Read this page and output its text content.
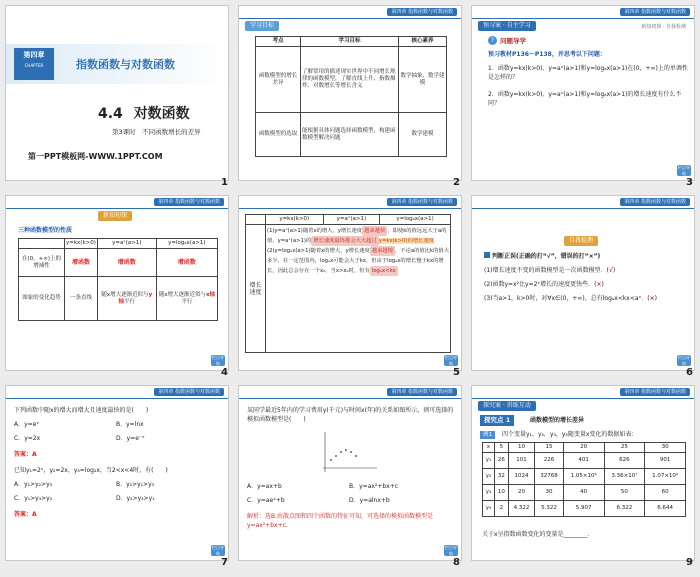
第四章
CHAPTER	指数函数与对数函数
4.4 对数函数
第3课时　不同函数增长的差异
第一PPT模板网-WWW.1PPT.COM
1
第四章 指数函数与对数函数
学习目标
考点	学习目标	核心素养
函数模型的增长差异	了解常用的描述现实世界中不同增长规律的函数模型，了解直线上升、指数爆炸、对数增长等增长含义	数学抽象、数学建模
函数模型的选取	能根据具体问题选择函数模型，构建函数模型解决问题	数学建模
2
第四章 指数函数与对数函数
预习案 · 自主学习	新知初探 · 自我检测
? 问题导学
预习教材P136～P138，并思考以下问题：
1．函数y=kx(k>0)、y=aˣ(a>1)和y=logₐx(a>1)在(0，+∞)上的单调性是怎样的？
2．函数y=kx(k>0)、y=aˣ(a>1)和y=logₐx(a>1)的增长速度有什么不同？
栏目导航
3
第四章 指数函数与对数函数
新知初探
三种函数模型的性质
	y=kx(k>0)	y=aˣ(a>1)	y=logₐx(a>1)
在(0，+∞)上的增减性	增函数	增函数	增函数
图象的变化趋势	一条直线	随x增大逐渐近似与y轴平行	随x增大逐渐近似与x轴平行
栏目导航
4
第四章 指数函数与对数函数
	y=kx(k>0)	y=aˣ(a>1)	y=logₐx(a>1)
增长速度	(1)y=aˣ(a>1)随着x的增大，y增长速度 越来越快 ，即使k的值远远大于a的值，y=aˣ(a>1)的 增长速度最终都会大大超过 y=kx(k>0)的增长速度
(2)y=logₐx(a>1)随着x的增大，y增长速度 越来越慢 ，不论a的值比k的值大多少，在一定范围内，logₐx可能会大于kx，但由于logₐx的增长慢于kx的增长，因此总会存在一个x₀，当x>x₀时，恒有 logₐx<kx		
栏目导航
5
第四章 指数函数与对数函数
自我检测
判断正误(正确的打“√”，错误的打“×”)
(1)增长速度不变的函数模型是一次函数模型．(√)
(2)函数y=x²比y=2ˣ增长的速度更快些．(×)
(3)当a>1，k>0时，对∀x∈(0，+∞)，总有logₐx<kx<aˣ．(×)
栏目导航
6
第四章 指数函数与对数函数
下列函数中随x的增大而增大且速度最快的是(　　)
A．y=eˣ	B．y=lnx
C．y=2x	D．y=e⁻ˣ
答案：A
已知y₁=2ˣ，y₂=2x，y₃=log₂x，当2<x<4时，有(　　)
A．y₁>y₂>y₃	B．y₂>y₁>y₃
C．y₁>y₃>y₂	D．y₂>y₃>y₁
答案：A
栏目导航
7
第四章 指数函数与对数函数
某同学最近5年内的学习费用y(千元)与时间x(年)的关系如图所示，则可选择的模拟函数模型是(　　)
A．y=ax+b	B．y=ax²+bx+c
C．y=aeˣ+b	D．y=alnx+b
解析：选B.由散点图和四个函数的特征可知，可选择的模拟函数模型是y=ax²+bx+c.
栏目导航
8
第四章 指数函数与对数函数
探究案 · 讲练互动
探究点 1	函数模型的增长差异
例1	四个变量y₁，y₂，y₃，y₄随变量x变化的数据如表：
x	5	10	15	20	25	30
y₁	26	101	226	401	626	901
y₂	32	1024	32768	1.05×10⁶	3.36×10⁷	1.07×10⁹
y₃	10	20	30	40	50	60
y₄	2	4.322	5.322	5.907	6.322	6.644
关于x呈指数函数变化的变量是________．
9
